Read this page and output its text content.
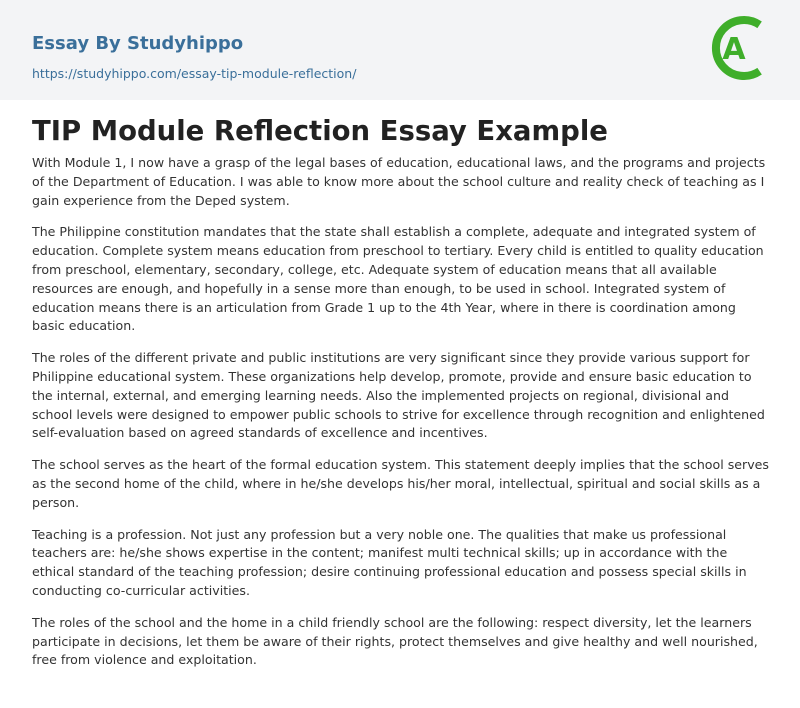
Essay By Studyhippo
https://studyhippo.com/essay-tip-module-reflection/
A
TIP Module Reflection Essay Example

With Module 1, I now have a grasp of the legal bases of education, educational laws, and the programs and projects of the Department of Education. I was able to know more about the school culture and reality check of teaching as I gain experience from the Deped system.

The Philippine constitution mandates that the state shall establish a complete, adequate and integrated system of education. Complete system means education from preschool to tertiary. Every child is entitled to quality education from preschool, elementary, secondary, college, etc. Adequate system of education means that all available resources are enough, and hopefully in a sense more than enough, to be used in school. Integrated system of education means there is an articulation from Grade 1 up to the 4th Year, where in there is coordination among basic education.

The roles of the different private and public institutions are very significant since they provide various support for Philippine educational system. These organizations help develop, promote, provide and ensure basic education to the internal, external, and emerging learning needs. Also the implemented projects on regional, divisional and school levels were designed to empower public schools to strive for excellence through recognition and enlightened self-evaluation based on agreed standards of excellence and incentives.

The school serves as the heart of the formal education system. This statement deeply implies that the school serves as the second home of the child, where in he/she develops his/her moral, intellectual, spiritual and social skills as a person.

Teaching is a profession. Not just any profession but a very noble one. The qualities that make us professional teachers are: he/she shows expertise in the content; manifest multi technical skills; up in accordance with the ethical standard of the teaching profession; desire continuing professional education and possess special skills in conducting co-curricular activities.

The roles of the school and the home in a child friendly school are the following: respect diversity, let the learners participate in decisions, let them be aware of their rights, protect themselves and give healthy and well nourished, free from violence and exploitation.
